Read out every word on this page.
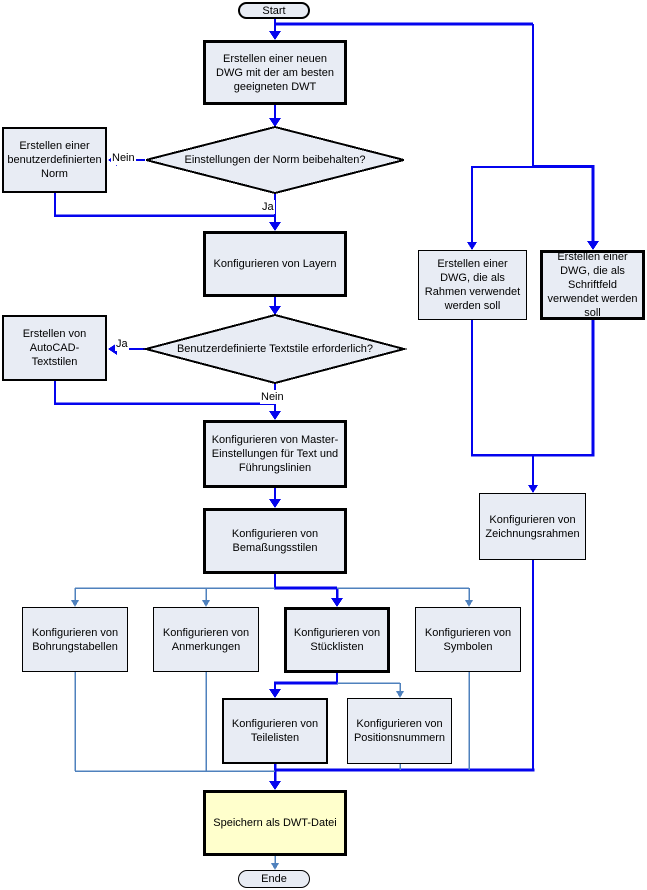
Start
Erstellen einer neuen DWG mit der am besten geeigneten DWT
Einstellungen der Norm beibehalten?
Erstellen einer benutzerdefinierten Norm
Konfigurieren von Layern
Benutzerdefinierte Textstile erforderlich?
Erstellen von AutoCAD-Textstilen
Konfigurieren von Master-Einstellungen für Text und Führungslinien
Konfigurieren von Bemaßungsstilen
Konfigurieren von Bohrungstabellen
Konfigurieren von Anmerkungen
Konfigurieren von Stücklisten
Konfigurieren von Symbolen
Konfigurieren von Teilelisten
Konfigurieren von Positionsnummern
Erstellen einer DWG, die als Rahmen verwendet werden soll
Erstellen einer DWG, die als Schriftfeld verwendet werden soll
Konfigurieren von Zeichnungsrahmen
Speichern als DWT-Datei
Ende
Nein
Ja
Ja
Nein
